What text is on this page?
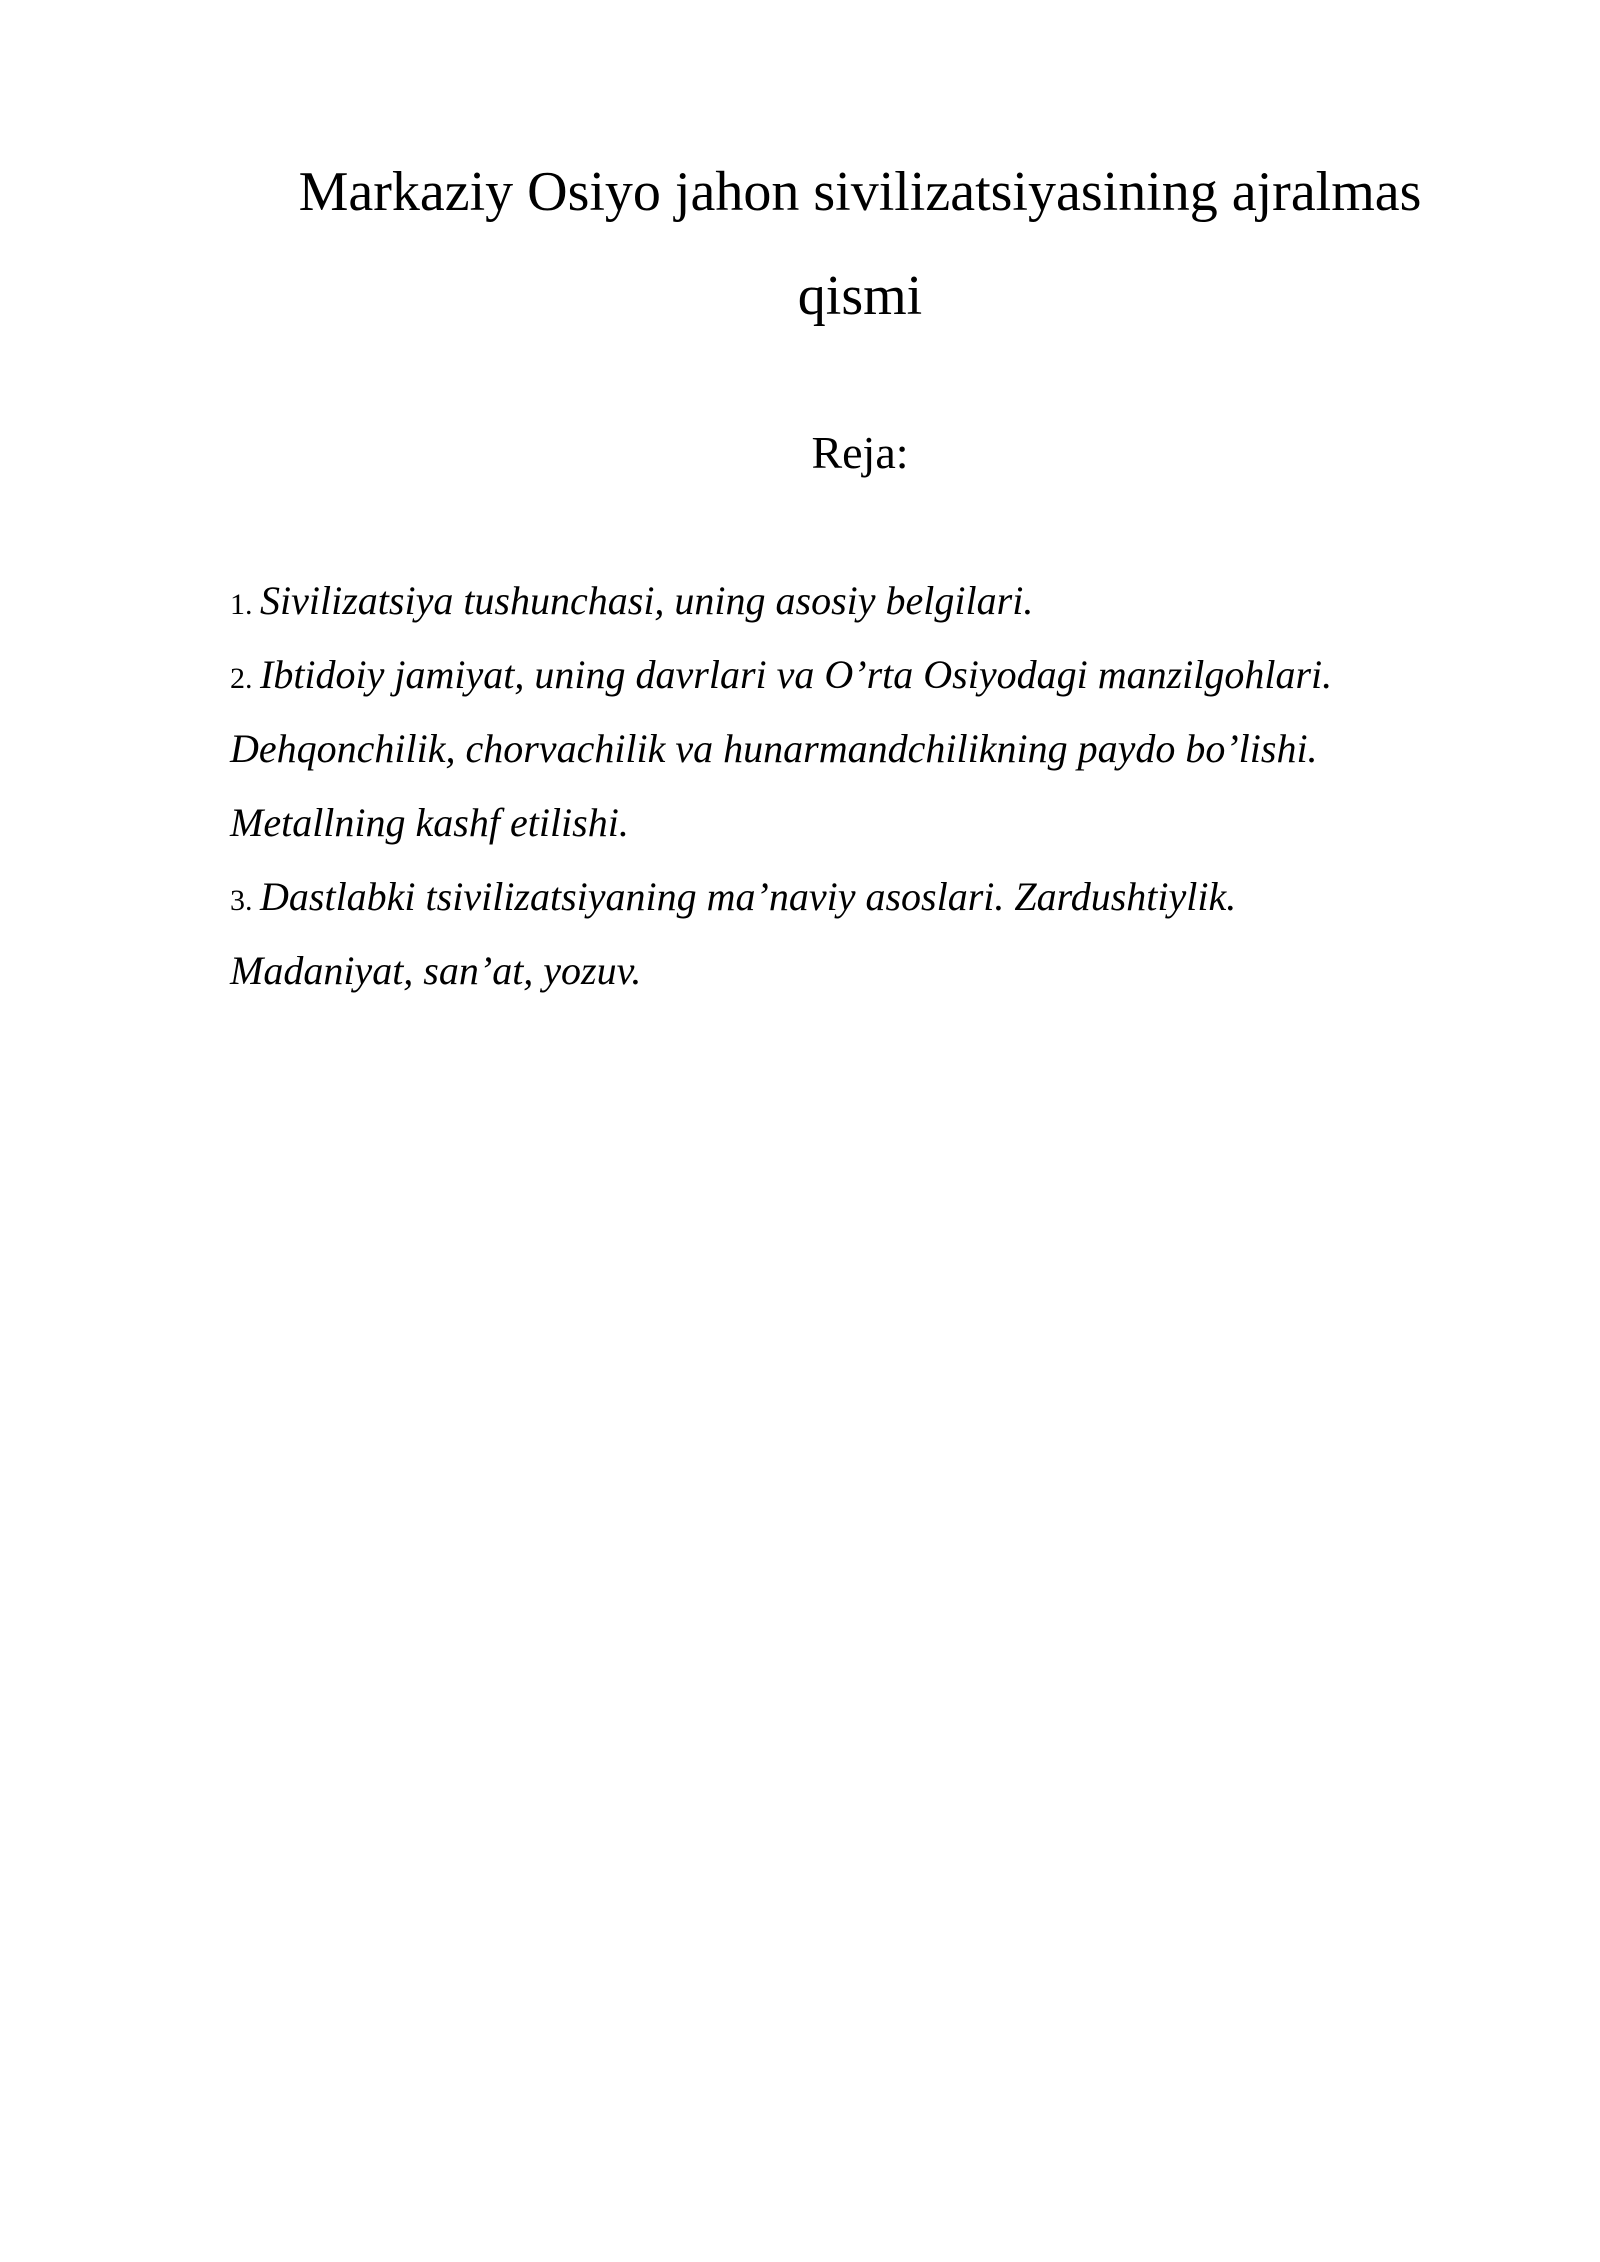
Markaziy Osiyo jahon sivilizatsiyasining ajralmas
qismi
Reja:
1. Sivilizatsiya tushunchasi, uning asosiy belgilari.
2. Ibtidoiy jamiyat, uning davrlari va O’rta Osiyodagi manzilgohlari.
Dehqonchilik, chorvachilik va hunarmandchilikning paydo bo’lishi.
Metallning kashf etilishi.
3. Dastlabki tsivilizatsiyaning ma’naviy asoslari. Zardushtiylik.
Madaniyat, san’at, yozuv.
